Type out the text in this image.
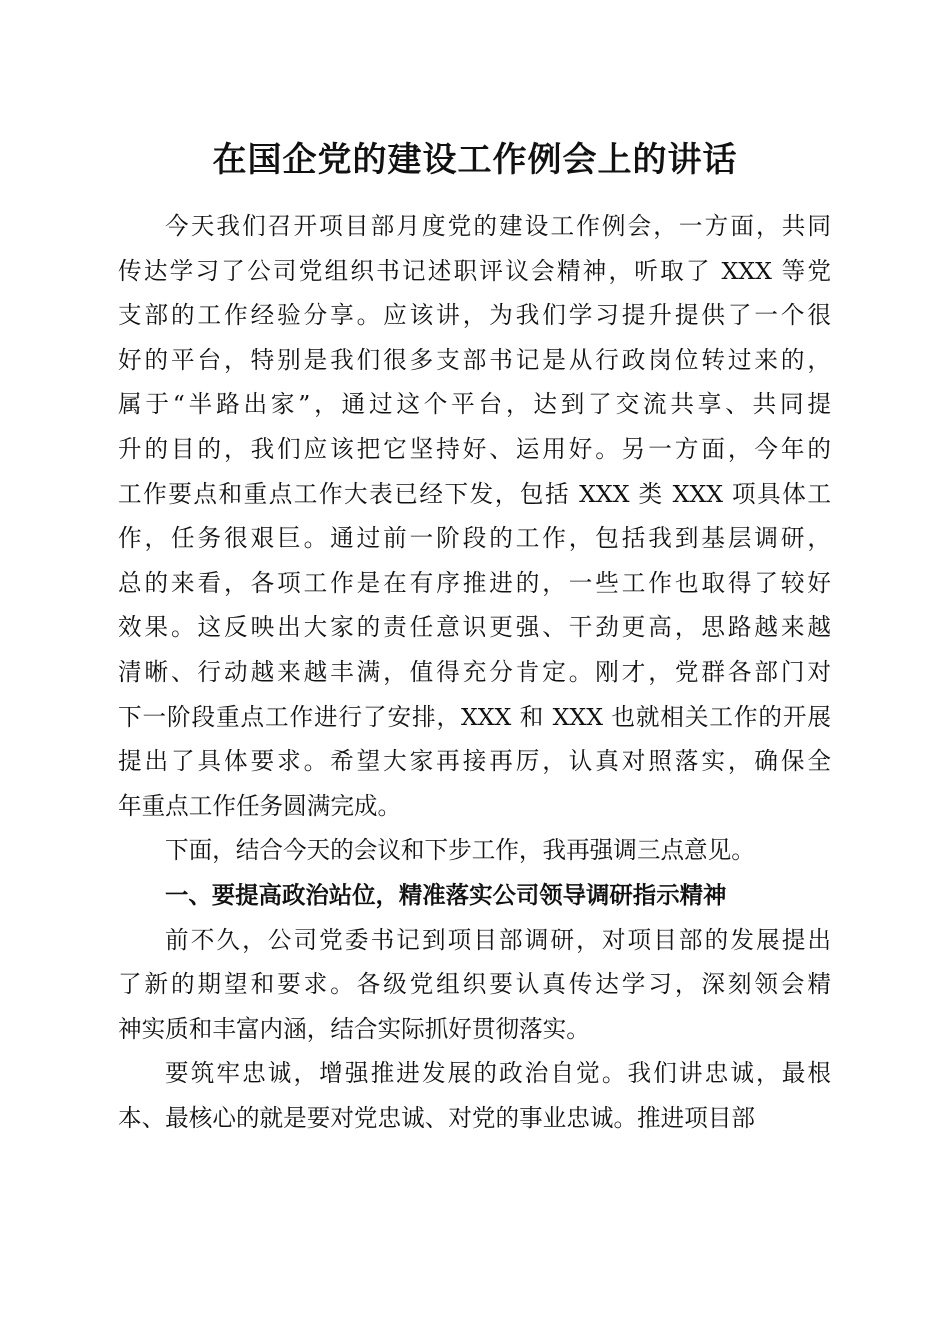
在国企党的建设工作例会上的讲话
今天我们召开项目部月度党的建设工作例会，一方面，共同
传达学习了公司党组织书记述职评议会精神，听取了 XXX 等党
支部的工作经验分享。应该讲，为我们学习提升提供了一个很
好的平台，特别是我们很多支部书记是从行政岗位转过来的，
属于“半路出家”，通过这个平台，达到了交流共享、共同提
升的目的，我们应该把它坚持好、运用好。另一方面，今年的
工作要点和重点工作大表已经下发，包括 XXX 类 XXX 项具体工
作，任务很艰巨。通过前一阶段的工作，包括我到基层调研，
总的来看，各项工作是在有序推进的，一些工作也取得了较好
效果。这反映出大家的责任意识更强、干劲更高，思路越来越
清晰、行动越来越丰满，值得充分肯定。刚才，党群各部门对
下一阶段重点工作进行了安排，XXX 和 XXX 也就相关工作的开展
提出了具体要求。希望大家再接再厉，认真对照落实，确保全
年重点工作任务圆满完成。
下面，结合今天的会议和下步工作，我再强调三点意见。
一、要提高政治站位，精准落实公司领导调研指示精神
前不久，公司党委书记到项目部调研，对项目部的发展提出
了新的期望和要求。各级党组织要认真传达学习，深刻领会精
神实质和丰富内涵，结合实际抓好贯彻落实。
要筑牢忠诚，增强推进发展的政治自觉。我们讲忠诚，最根
本、最核心的就是要对党忠诚、对党的事业忠诚。推进项目部
